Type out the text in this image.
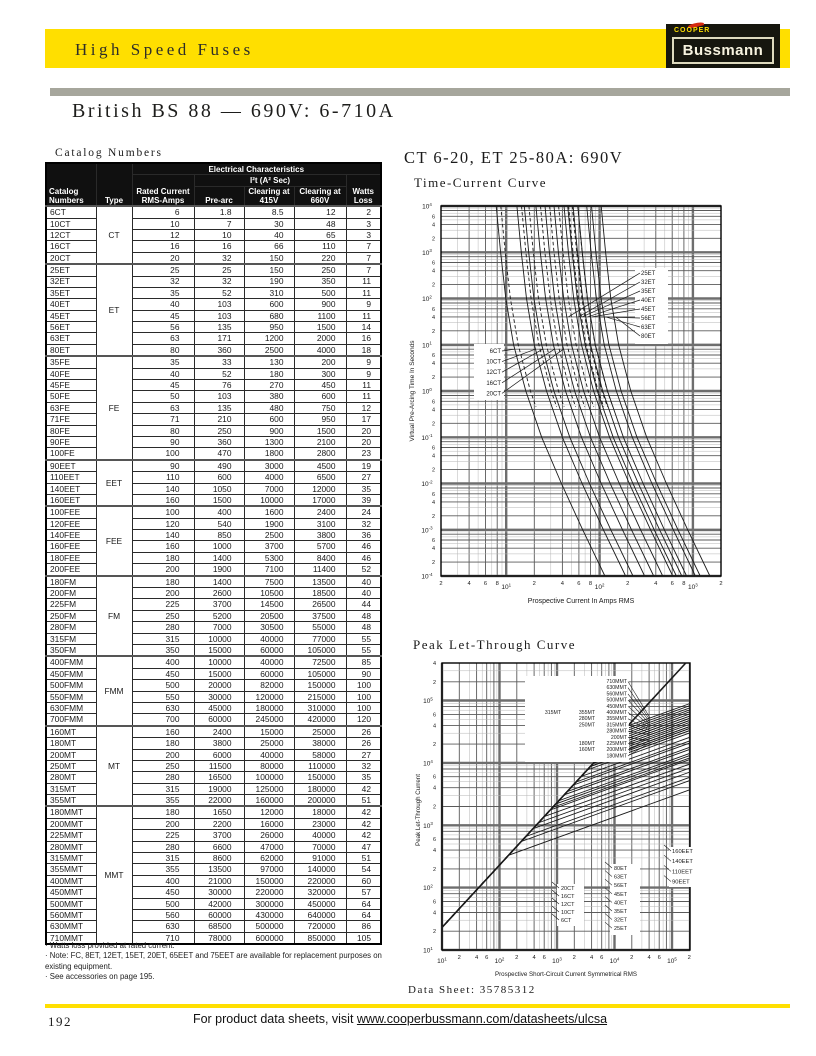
High Speed Fuses
COOPER
Bussmann
British BS 88 — 690V: 6-710A
Catalog Numbers
Catalog Numbers	Type	Electrical Characteristics				
		Rated Current RMS-Amps	I²t (A² Sec)			Watts Loss
			Pre-arc	Clearing at 415V	Clearing at 660V	
6CT	CT	6	1.8	8.5	12	2
10CT		10	7	30	48	3
12CT		12	10	40	65	3
16CT		16	16	66	110	7
20CT		20	32	150	220	7
25ET	ET	25	25	150	250	7
32ET		32	32	190	350	11
35ET		35	52	310	500	11
40ET		40	103	600	900	9
45ET		45	103	680	1100	11
56ET		56	135	950	1500	14
63ET		63	171	1200	2000	16
80ET		80	360	2500	4000	18
35FE	FE	35	33	130	200	9
40FE		40	52	180	300	9
45FE		45	76	270	450	11
50FE		50	103	380	600	11
63FE		63	135	480	750	12
71FE		71	210	600	950	17
80FE		80	250	900	1500	20
90FE		90	360	1300	2100	20
100FE		100	470	1800	2800	23
90EET	EET	90	490	3000	4500	19
110EET		110	600	4000	6500	27
140EET		140	1050	7000	12000	35
160EET		160	1500	10000	17000	39
100FEE	FEE	100	400	1600	2400	24
120FEE		120	540	1900	3100	32
140FEE		140	850	2500	3800	36
160FEE		160	1000	3700	5700	46
180FEE		180	1400	5300	8400	46
200FEE		200	1900	7100	11400	52
180FM	FM	180	1400	7500	13500	40
200FM		200	2600	10500	18500	40
225FM		225	3700	14500	26500	44
250FM		250	5200	20500	37500	48
280FM		280	7000	30500	55000	48
315FM		315	10000	40000	77000	55
350FM		350	15000	60000	105000	55
400FMM	FMM	400	10000	40000	72500	85
450FMM		450	15000	60000	105000	90
500FMM		500	20000	82000	150000	100
550FMM		550	30000	120000	215000	100
630FMM		630	45000	180000	310000	100
700FMM		700	60000	245000	420000	120
160MT	MT	160	2400	15000	25000	26
180MT		180	3800	25000	38000	26
200MT		200	6000	40000	58000	27
250MT		250	11500	80000	110000	32
280MT		280	16500	100000	150000	35
315MT		315	19000	125000	180000	42
355MT		355	22000	160000	200000	51
180MMT	MMT	180	1650	12000	18000	42
200MMT		200	2200	16000	23000	42
225MMT		225	3700	26000	40000	42
280MMT		280	6600	47000	70000	47
315MMT		315	8600	62000	91000	51
355MMT		355	13500	97000	140000	54
400MMT		400	21000	150000	220000	60
450MMT		450	30000	220000	320000	57
500MMT		500	42000	300000	450000	64
560MMT		560	60000	430000	640000	64
630MMT		630	68500	500000	720000	86
710MMT		710	78000	600000	850000	105
· Watts loss provided at rated current.
· Note: FC, 8ET, 12ET, 15ET, 20ET, 65EET and 75EET are available for replacement purposes on existing equipment.
· See accessories on page 195.
CT 6-20, ET 25-80A: 690V
Time-Current Curve
6CT
10CT
12CT
16CT
20CT
25ET
32ET
35ET
40ET
45ET
56ET
63ET
80ET
2	4 6 8 $10^1$	2	4 6 8 $10^2$	2	4 6 8 $10^3$	2
$10^{-4}$
2
4
6
$10^{-3}$
2
4
6
$10^{-2}$
2
4
6
$10^{-1}$
2
4
6
$10^0$
2
4
6
$10^1$
2
4
6
$10^2$
2
4
6
$10^3$
2
4
6
$10^4$
Prospective Current In Amps RMS
Virtual Pre-Arcing Time In Seconds
Peak Let-Through Curve
710MMT
630MMT
560MMT
500MMT
450MMT
315MT	355MT 400MMT
280MT 355MMT
250MT 315MMT
280MMT
200MT
180MT 225MMT
160MT 200MMT
180MMT
160EET
140EET
110EET
90EET
80ET
63ET
56ET
45ET
40ET
35ET
32ET
25ET
20CT
16CT
12CT
10CT
6CT
$10^1$ 2 4 6 $10^2$ 2 4 6 $10^3$ 2 4 6 $10^4$ 2 4 6 $10^5$ 2
$10^1$
2
4
6
$10^2$
2
4
6
$10^3$
2
4
6
$10^4$
2
4
6
$10^5$
2
4
Prospective Short-Circuit Current Symmetrical RMS
Peak Let-Through Current
Data Sheet: 35785312
192	For product data sheets, visit www.cooperbussmann.com/datasheets/ulcsa
